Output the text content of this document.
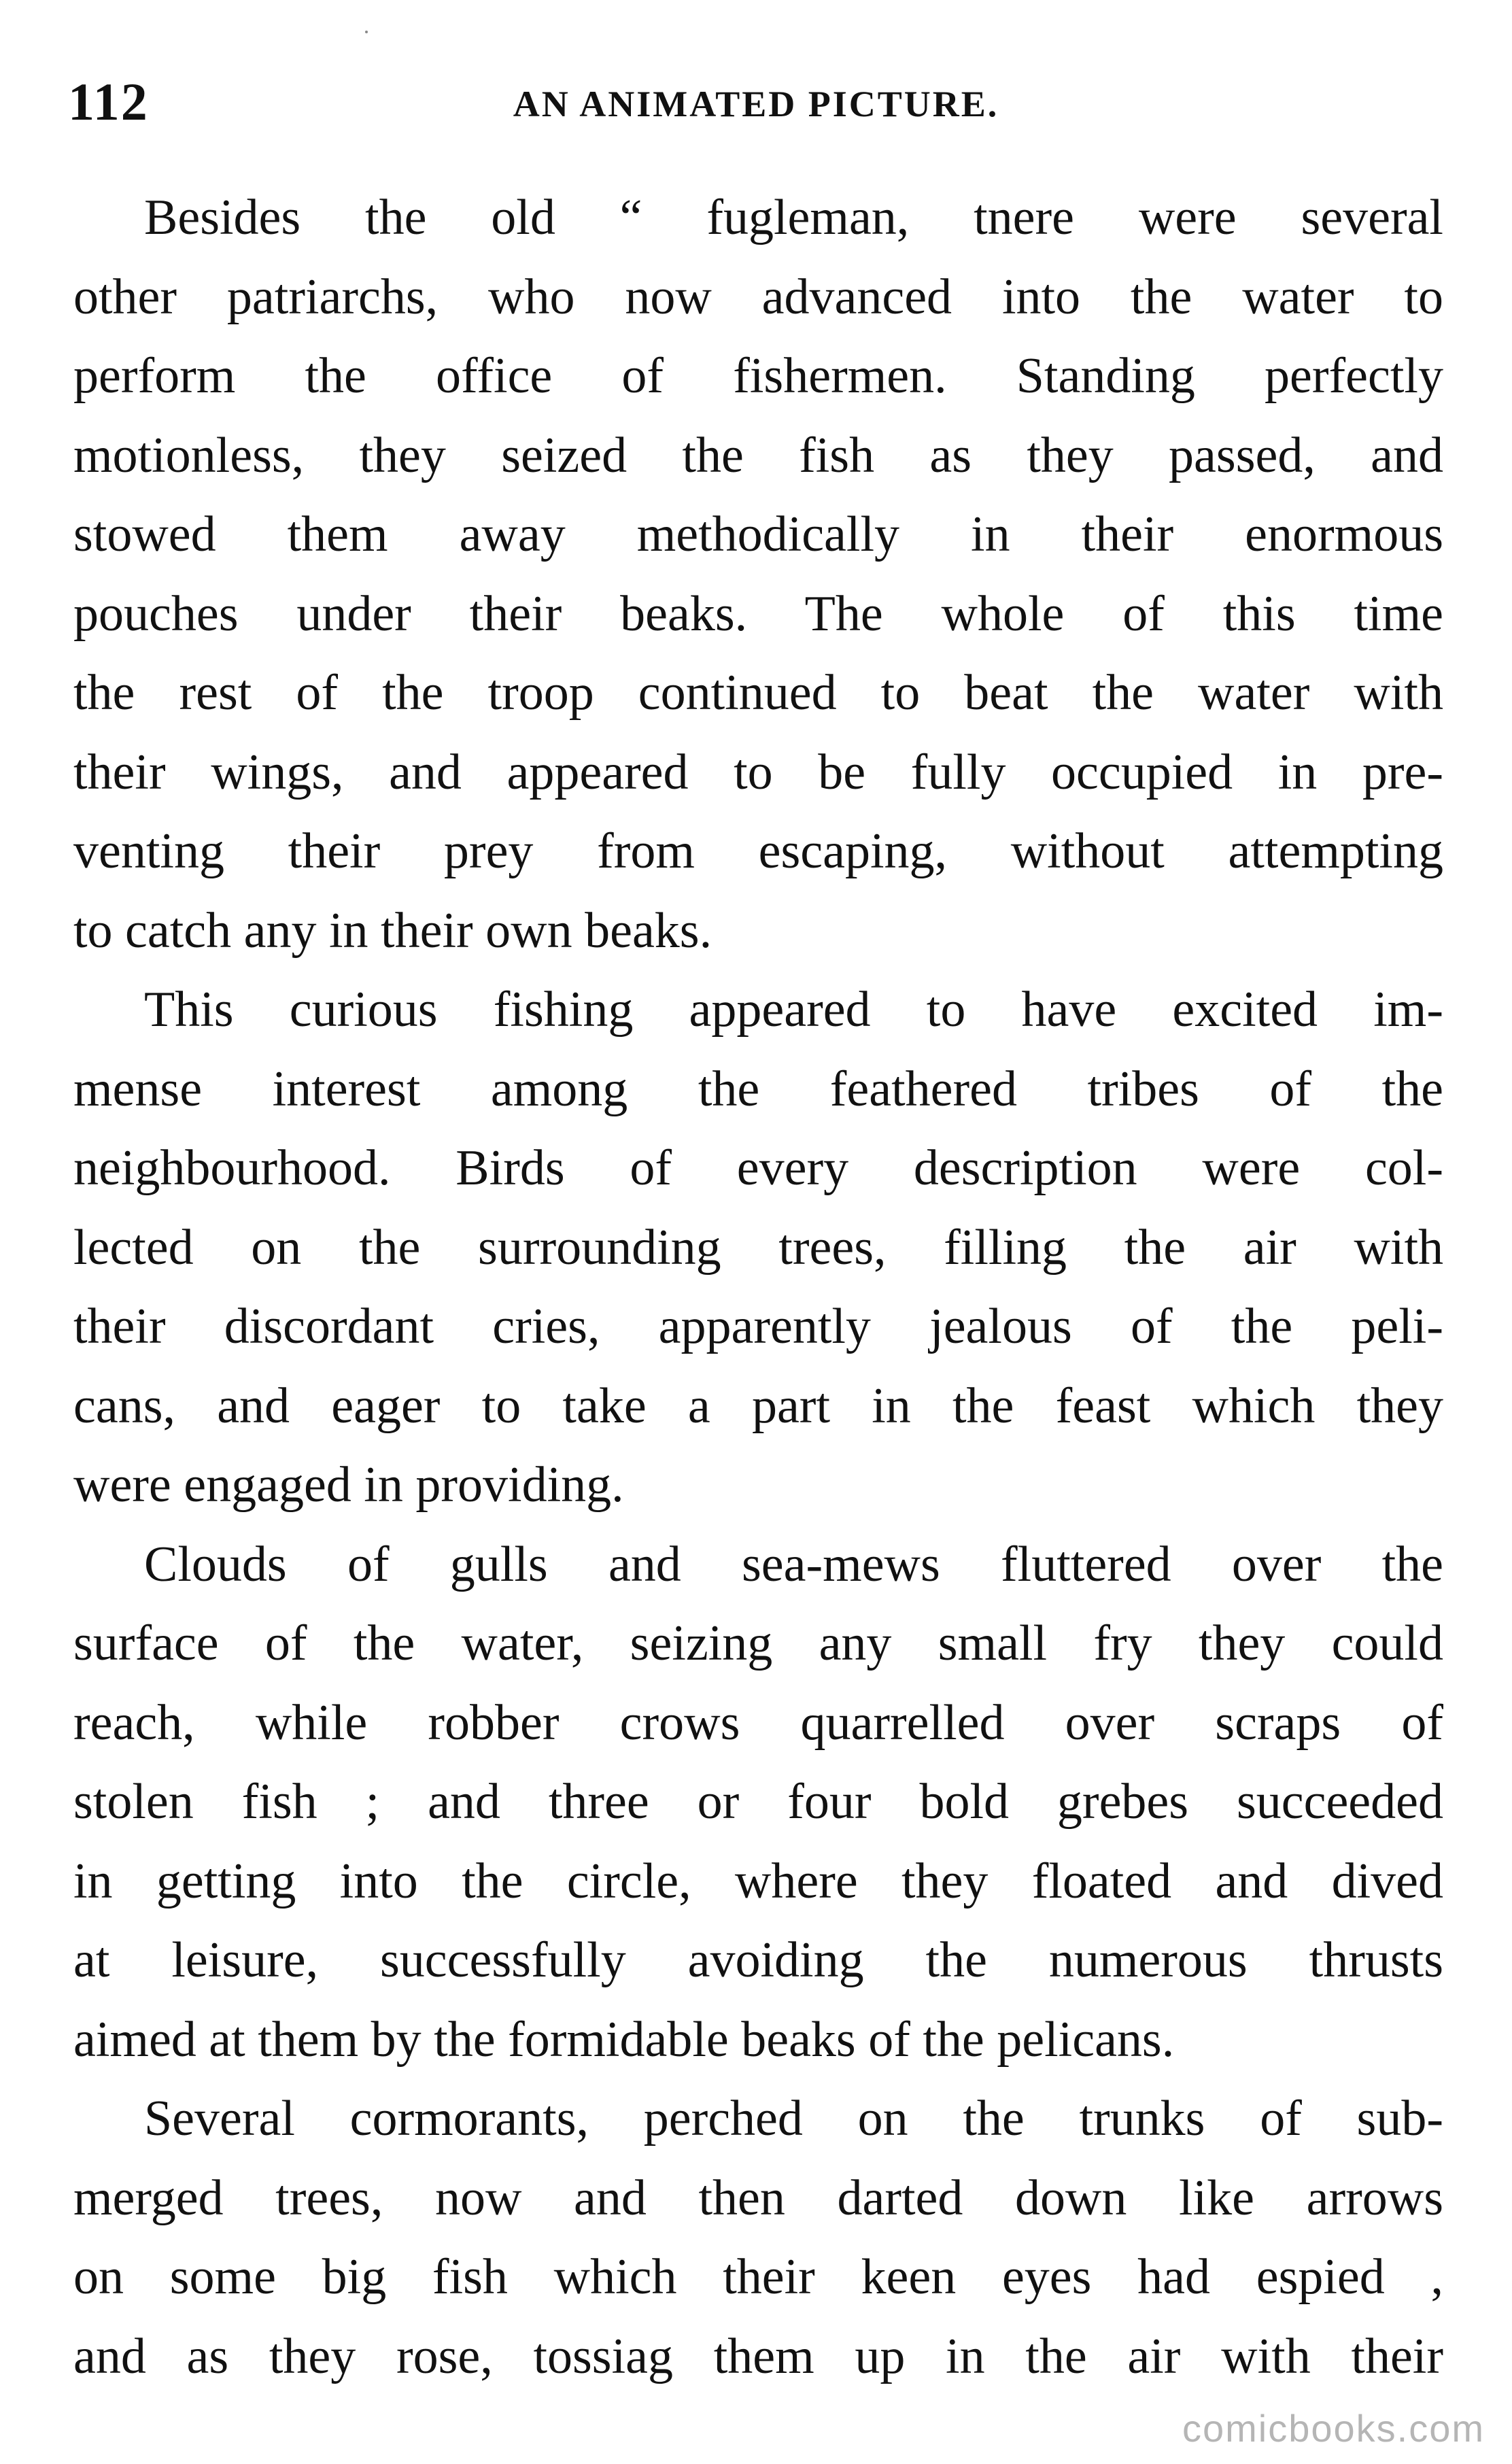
112	AN ANIMATED PICTURE.
Besides the old “ fugleman, tnere were several
other patriarchs, who now advanced into the water to
perform the office of fishermen. Standing perfectly
motionless, they seized the fish as they passed, and
stowed them away methodically in their enormous
pouches under their beaks. The whole of this time
the rest of the troop continued to beat the water with
their wings, and appeared to be fully occupied in pre-
venting their prey from escaping, without attempting
to catch any in their own beaks.
This curious fishing appeared to have excited im-
mense interest among the feathered tribes of the
neighbourhood. Birds of every description were col-
lected on the surrounding trees, filling the air with
their discordant cries, apparently jealous of the peli-
cans, and eager to take a part in the feast which they
were engaged in providing.
Clouds of gulls and sea-mews fluttered over the
surface of the water, seizing any small fry they could
reach, while robber crows quarrelled over scraps of
stolen fish ; and three or four bold grebes succeeded
in getting into the circle, where they floated and dived
at leisure, successfully avoiding the numerous thrusts
aimed at them by the formidable beaks of the pelicans.
Several cormorants, perched on the trunks of sub-
merged trees, now and then darted down like arrows
on some big fish which their keen eyes had espied ,
and as they rose, tossiag them up in the air with their
comicbooks.com
